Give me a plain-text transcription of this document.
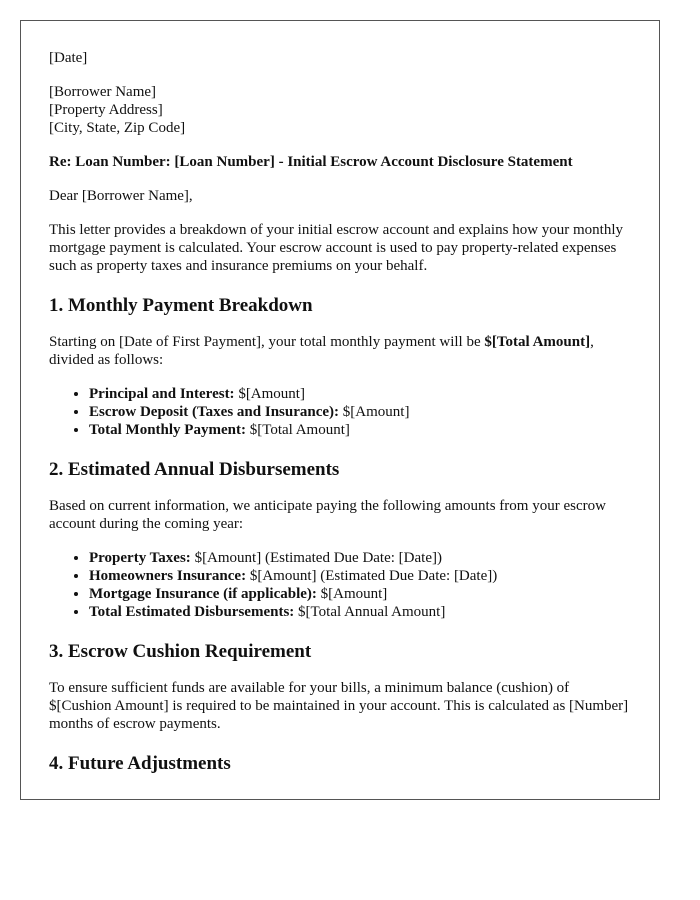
[Date]

[Borrower Name]
[Property Address]
[City, State, Zip Code]

Re: Loan Number: [Loan Number] - Initial Escrow Account Disclosure Statement

Dear [Borrower Name],

This letter provides a breakdown of your initial escrow account and explains how your monthly mortgage payment is calculated. Your escrow account is used to pay property-related expenses such as property taxes and insurance premiums on your behalf.

1. Monthly Payment Breakdown

Starting on [Date of First Payment], your total monthly payment will be $[Total Amount], divided as follows:

• Principal and Interest: $[Amount]
• Escrow Deposit (Taxes and Insurance): $[Amount]
• Total Monthly Payment: $[Total Amount]
2. Estimated Annual Disbursements

Based on current information, we anticipate paying the following amounts from your escrow account during the coming year:

• Property Taxes: $[Amount] (Estimated Due Date: [Date])
• Homeowners Insurance: $[Amount] (Estimated Due Date: [Date])
• Mortgage Insurance (if applicable): $[Amount]
• Total Estimated Disbursements: $[Total Annual Amount]
3. Escrow Cushion Requirement

To ensure sufficient funds are available for your bills, a minimum balance (cushion) of $[Cushion Amount] is required to be maintained in your account. This is calculated as [Number] months of escrow payments.

4. Future Adjustments
